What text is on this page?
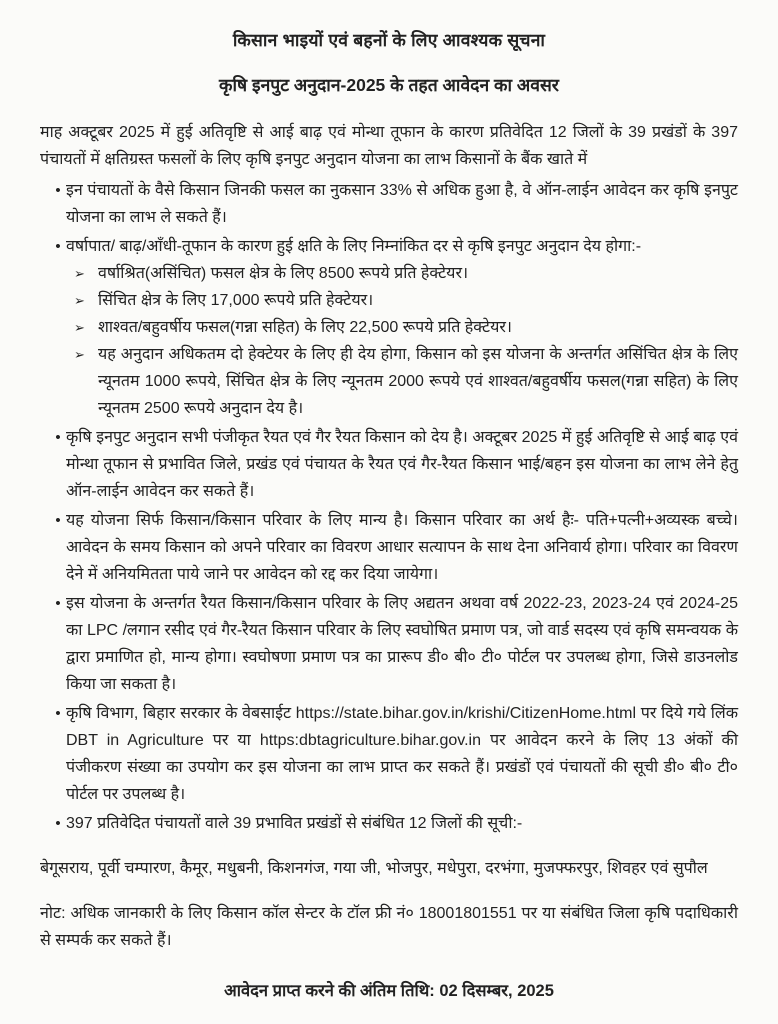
किसान भाइयों एवं बहनों के लिए आवश्यक सूचना
कृषि इनपुट अनुदान-2025 के तहत आवेदन का अवसर

माह अक्टूबर 2025 में हुई अतिवृष्टि से आई बाढ़ एवं मोन्था तूफान के कारण प्रतिवेदित 12 जिलों के 39 प्रखंडों के 397 पंचायतों में क्षतिग्रस्त फसलों के लिए कृषि इनपुट अनुदान योजना का लाभ किसानों के बैंक खाते में

• इन पंचायतों के वैसे किसान जिनकी फसल का नुकसान 33% से अधिक हुआ है, वे ऑन-लाईन आवेदन कर कृषि इनपुट योजना का लाभ ले सकते हैं।
• वर्षापात/ बाढ़/आँधी-तूफान के कारण हुई क्षति के लिए निम्नांकित दर से कृषि इनपुट अनुदान देय होगा:-
➢ वर्षाश्रित(असिंचित) फसल क्षेत्र के लिए 8500 रूपये प्रति हेक्टेयर।
➢ सिंचित क्षेत्र के लिए 17,000 रूपये प्रति हेक्टेयर।
➢ शाश्वत/बहुवर्षीय फसल(गन्ना सहित) के लिए 22,500 रूपये प्रति हेक्टेयर।
➢ यह अनुदान अधिकतम दो हेक्टेयर के लिए ही देय होगा, किसान को इस योजना के अन्तर्गत असिंचित क्षेत्र के लिए न्यूनतम 1000 रूपये, सिंचित क्षेत्र के लिए न्यूनतम 2000 रूपये एवं शाश्वत/बहुवर्षीय फसल(गन्ना सहित) के लिए न्यूनतम 2500 रूपये अनुदान देय है।
• कृषि इनपुट अनुदान सभी पंजीकृत रैयत एवं गैर रैयत किसान को देय है। अक्टूबर 2025 में हुई अतिवृष्टि से आई बाढ़ एवं मोन्था तूफान से प्रभावित जिले, प्रखंड एवं पंचायत के रैयत एवं गैर-रैयत किसान भाई/बहन इस योजना का लाभ लेने हेतु ऑन-लाईन आवेदन कर सकते हैं।
• यह योजना सिर्फ किसान/किसान परिवार के लिए मान्य है। किसान परिवार का अर्थ हैः- पति+पत्नी+अव्यस्क बच्चे। आवेदन के समय किसान को अपने परिवार का विवरण आधार सत्यापन के साथ देना अनिवार्य होगा। परिवार का विवरण देने में अनियमितता पाये जाने पर आवेदन को रद्द कर दिया जायेगा।
• इस योजना के अन्तर्गत रैयत किसान/किसान परिवार के लिए अद्यतन अथवा वर्ष 2022-23, 2023-24 एवं 2024-25 का LPC /लगान रसीद एवं गैर-रैयत किसान परिवार के लिए स्वघोषित प्रमाण पत्र, जो वार्ड सदस्य एवं कृषि समन्वयक के द्वारा प्रमाणित हो, मान्य होगा। स्वघोषणा प्रमाण पत्र का प्रारूप डी० बी० टी० पोर्टल पर उपलब्ध होगा, जिसे डाउनलोड किया जा सकता है।
• कृषि विभाग, बिहार सरकार के वेबसाईट https://state.bihar.gov.in/krishi/CitizenHome.html पर दिये गये लिंक DBT in Agriculture पर या https:dbtagriculture.bihar.gov.in पर आवेदन करने के लिए 13 अंकों की पंजीकरण संख्या का उपयोग कर इस योजना का लाभ प्राप्त कर सकते हैं। प्रखंडों एवं पंचायतों की सूची डी० बी० टी० पोर्टल पर उपलब्ध है।
• 397 प्रतिवेदित पंचायतों वाले 39 प्रभावित प्रखंडों से संबंधित 12 जिलों की सूची:-

बेगूसराय, पूर्वी चम्पारण, कैमूर, मधुबनी, किशनगंज, गया जी, भोजपुर, मधेपुरा, दरभंगा, मुजफ्फरपुर, शिवहर एवं सुपौल

नोट: अधिक जानकारी के लिए किसान कॉल सेन्टर के टॉल फ्री नं० 18001801551 पर या संबंधित जिला कृषि पदाधिकारी से सम्पर्क कर सकते हैं।

आवेदन प्राप्त करने की अंतिम तिथि: 02 दिसम्बर, 2025
